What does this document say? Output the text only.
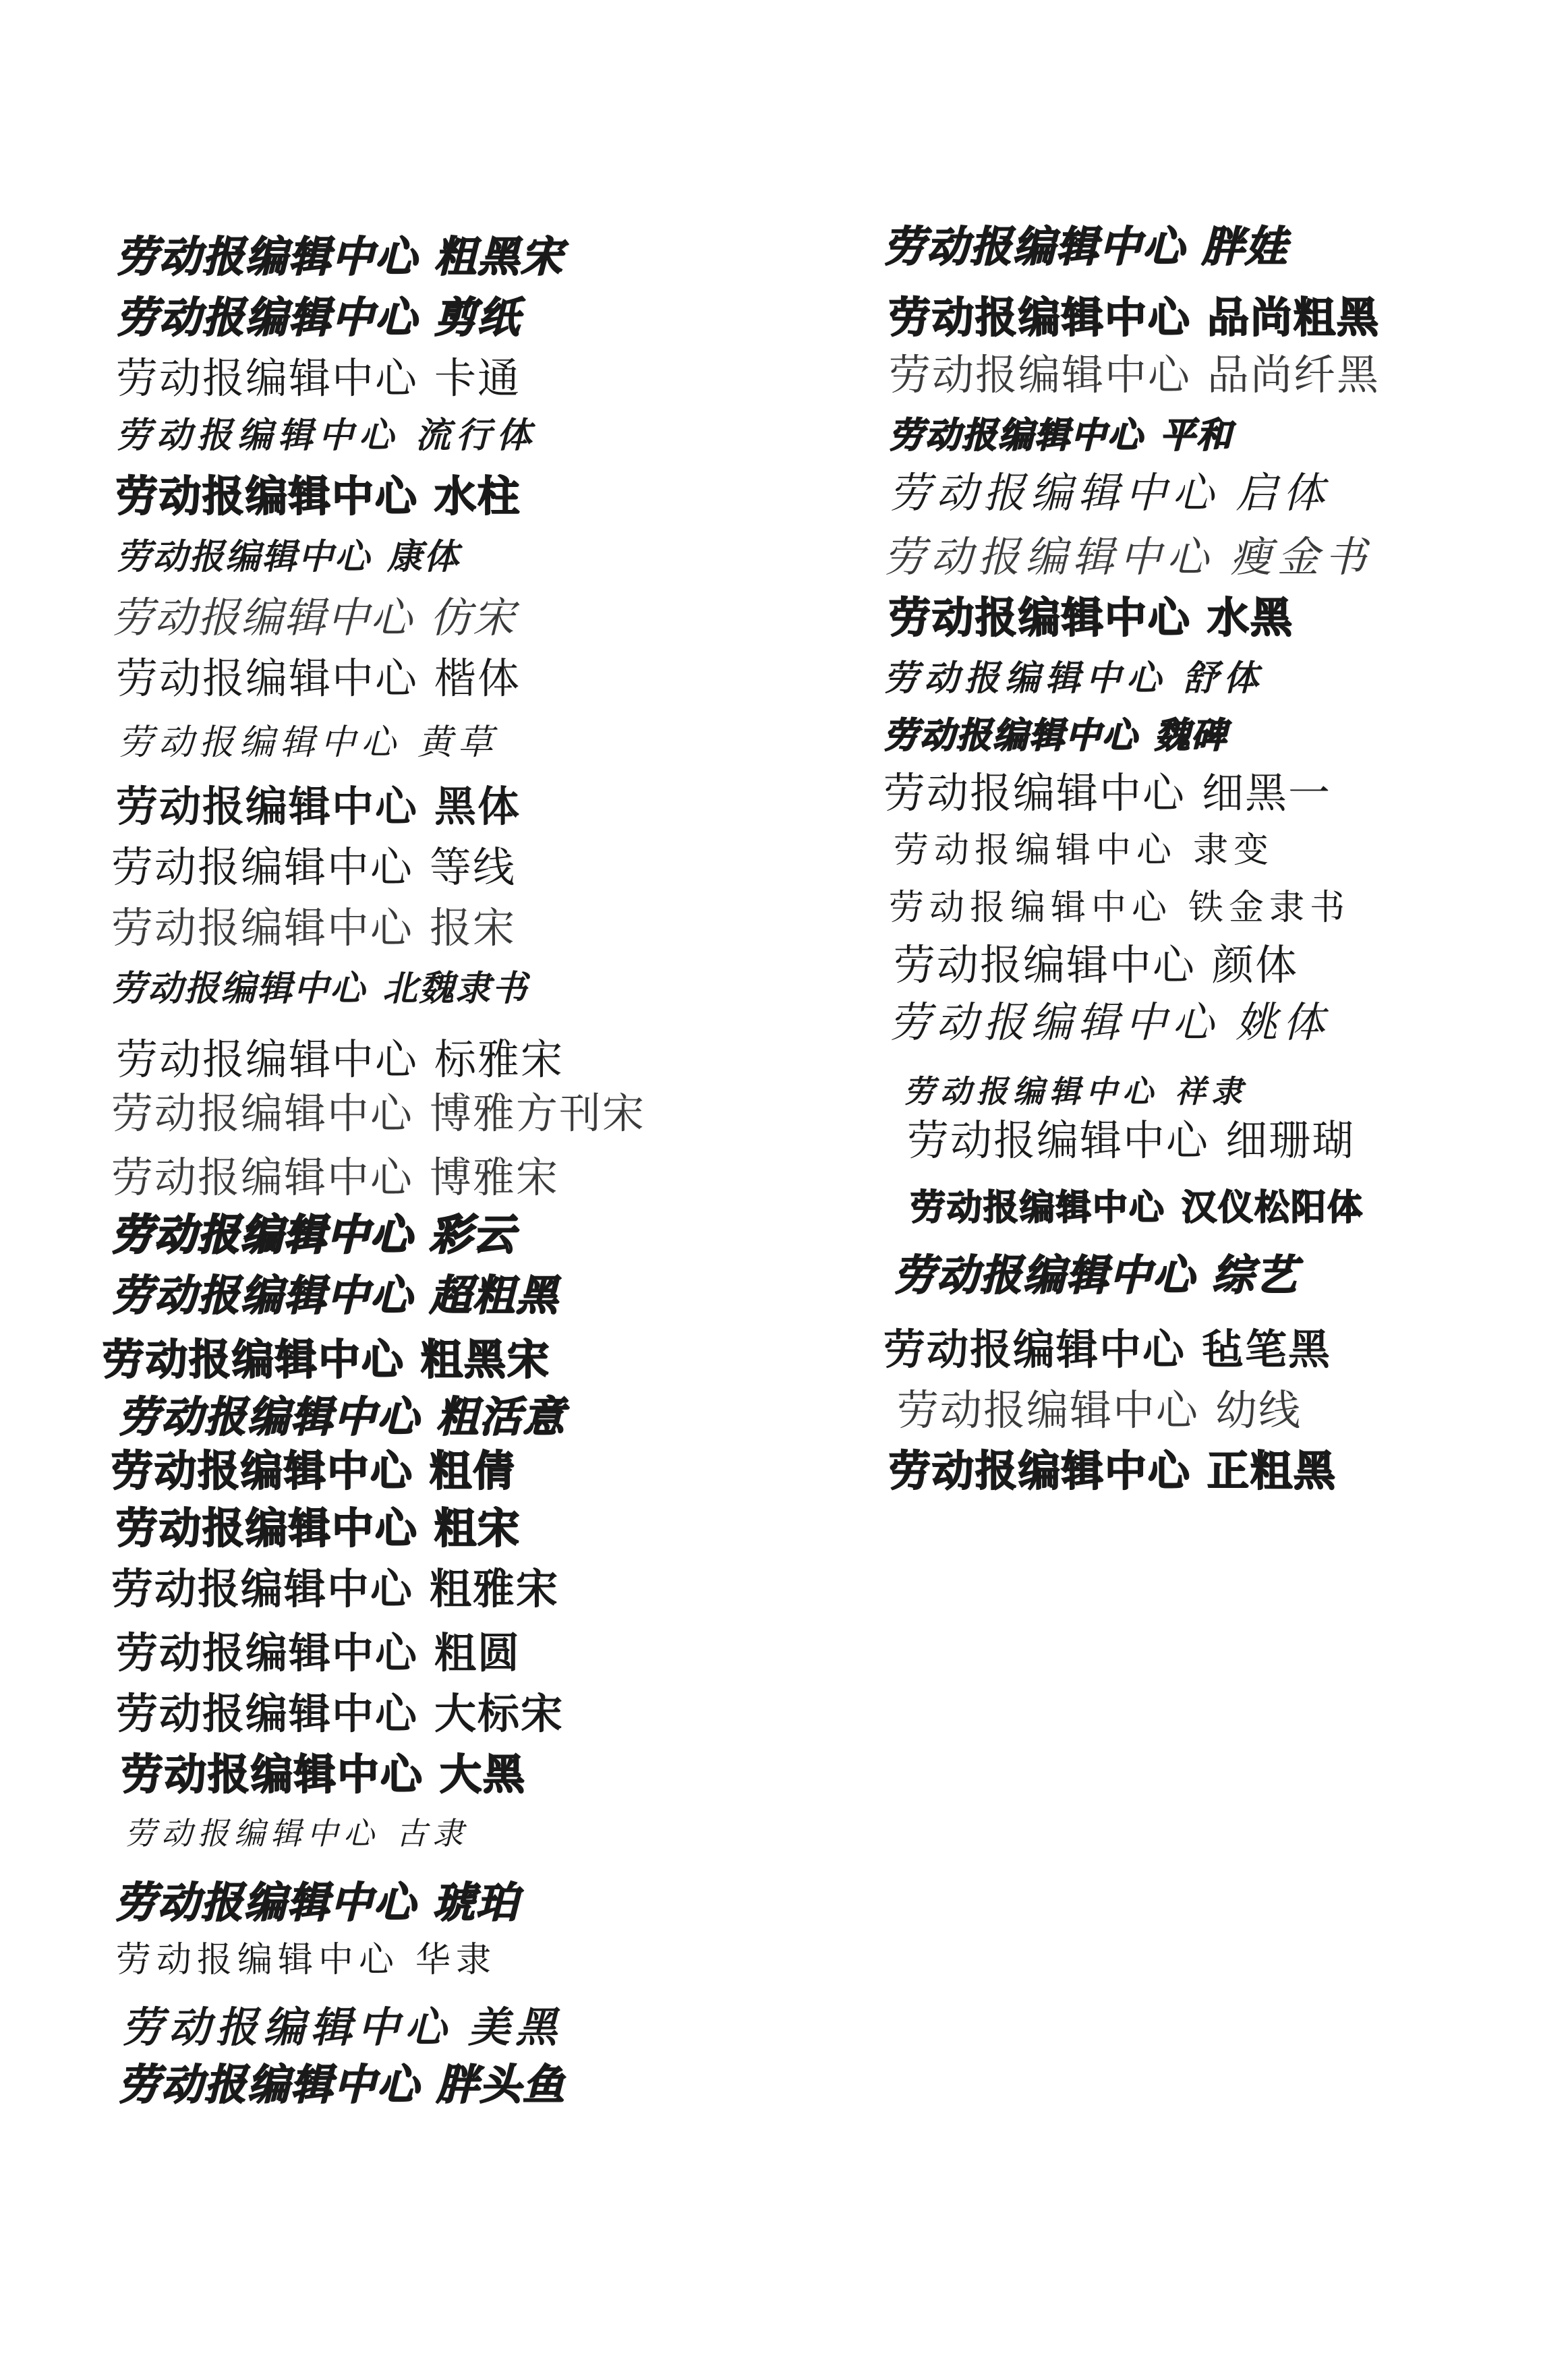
劳动报编辑中心 粗黑宋
劳动报编辑中心 剪纸
劳动报编辑中心 卡通
劳动报编辑中心 流行体
劳动报编辑中心 水柱
劳动报编辑中心 康体
劳动报编辑中心 仿宋
劳动报编辑中心 楷体
劳动报编辑中心 黄草
劳动报编辑中心 黑体
劳动报编辑中心 等线
劳动报编辑中心 报宋
劳动报编辑中心 北魏隶书
劳动报编辑中心 标雅宋
劳动报编辑中心 博雅方刊宋
劳动报编辑中心 博雅宋
劳动报编辑中心 彩云
劳动报编辑中心 超粗黑
劳动报编辑中心 粗黑宋
劳动报编辑中心 粗活意
劳动报编辑中心 粗倩
劳动报编辑中心 粗宋
劳动报编辑中心 粗雅宋
劳动报编辑中心 粗圆
劳动报编辑中心 大标宋
劳动报编辑中心 大黑
劳动报编辑中心 古隶
劳动报编辑中心 琥珀
劳动报编辑中心 华隶
劳动报编辑中心 美黑
劳动报编辑中心 胖头鱼
劳动报编辑中心 胖娃
劳动报编辑中心 品尚粗黑
劳动报编辑中心 品尚纤黑
劳动报编辑中心 平和
劳动报编辑中心 启体
劳动报编辑中心 瘦金书
劳动报编辑中心 水黑
劳动报编辑中心 舒体
劳动报编辑中心 魏碑
劳动报编辑中心 细黑一
劳动报编辑中心 隶变
劳动报编辑中心 铁金隶书
劳动报编辑中心 颜体
劳动报编辑中心 姚体
劳动报编辑中心 祥隶
劳动报编辑中心 细珊瑚
劳动报编辑中心 汉仪松阳体
劳动报编辑中心 综艺
劳动报编辑中心 毡笔黑
劳动报编辑中心 幼线
劳动报编辑中心 正粗黑
